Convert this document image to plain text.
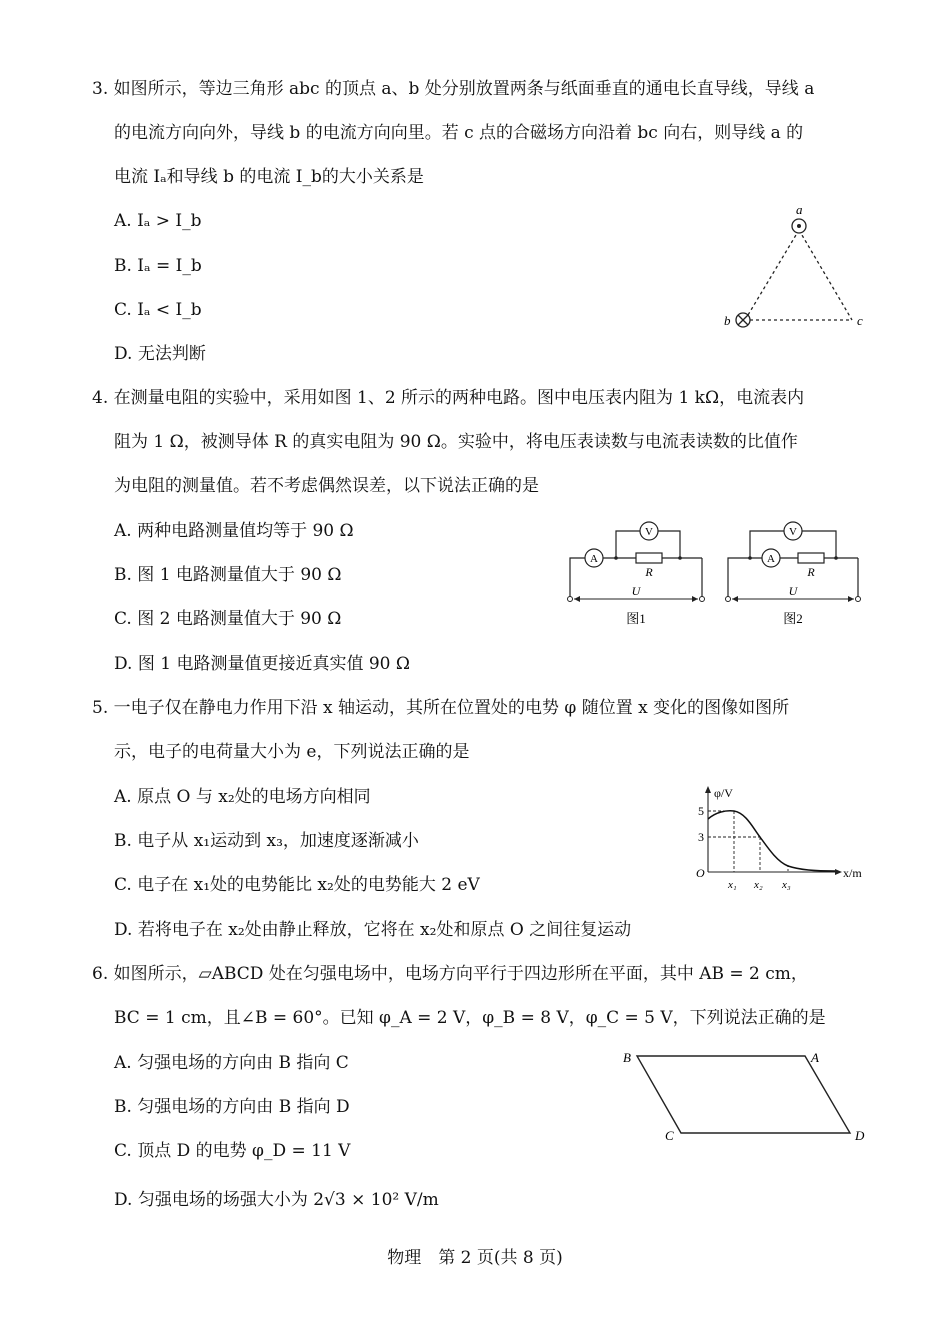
3. 如图所示，等边三角形 abc 的顶点 a、b 处分别放置两条与纸面垂直的通电长直导线，导线 a
的电流方向向外，导线 b 的电流方向向里。若 c 点的合磁场方向沿着 bc 向右，则导线 a 的
电流 Iₐ和导线 b 的电流 I_b的大小关系是
A. Iₐ > I_b
B. Iₐ = I_b
C. Iₐ < I_b
D. 无法判断
a
b	c
4. 在测量电阻的实验中，采用如图 1、2 所示的两种电路。图中电压表内阻为 1 kΩ，电流表内
阻为 1 Ω，被测导体 R 的真实电阻为 90 Ω。实验中，将电压表读数与电流表读数的比值作
为电阻的测量值。若不考虑偶然误差，以下说法正确的是
A. 两种电路测量值均等于 90 Ω
B. 图 1 电路测量值大于 90 Ω
C. 图 2 电路测量值大于 90 Ω
D. 图 1 电路测量值更接近真实值 90 Ω
A
V
R
U
图1
A
V
R
U
图2
5. 一电子仅在静电力作用下沿 x 轴运动，其所在位置处的电势 φ 随位置 x 变化的图像如图所
示，电子的电荷量大小为 e，下列说法正确的是
A. 原点 O 与 x₂处的电场方向相同
B. 电子从 x₁运动到 x₃，加速度逐渐减小
C. 电子在 x₁处的电势能比 x₂处的电势能大 2 eV
D. 若将电子在 x₂处由静止释放，它将在 x₂处和原点 O 之间往复运动
φ/V
x/m
O
5
3
x₁ x₂ x₃
6. 如图所示，▱ABCD 处在匀强电场中，电场方向平行于四边形所在平面，其中 AB = 2 cm，
BC = 1 cm，且∠B = 60°。已知 φ_A = 2 V，φ_B = 8 V，φ_C = 5 V，下列说法正确的是
A. 匀强电场的方向由 B 指向 C
B. 匀强电场的方向由 B 指向 D
C. 顶点 D 的电势 φ_D = 11 V
D. 匀强电场的场强大小为 2√3 × 10² V/m
B	A
C	D
物理　第 2 页(共 8 页)
